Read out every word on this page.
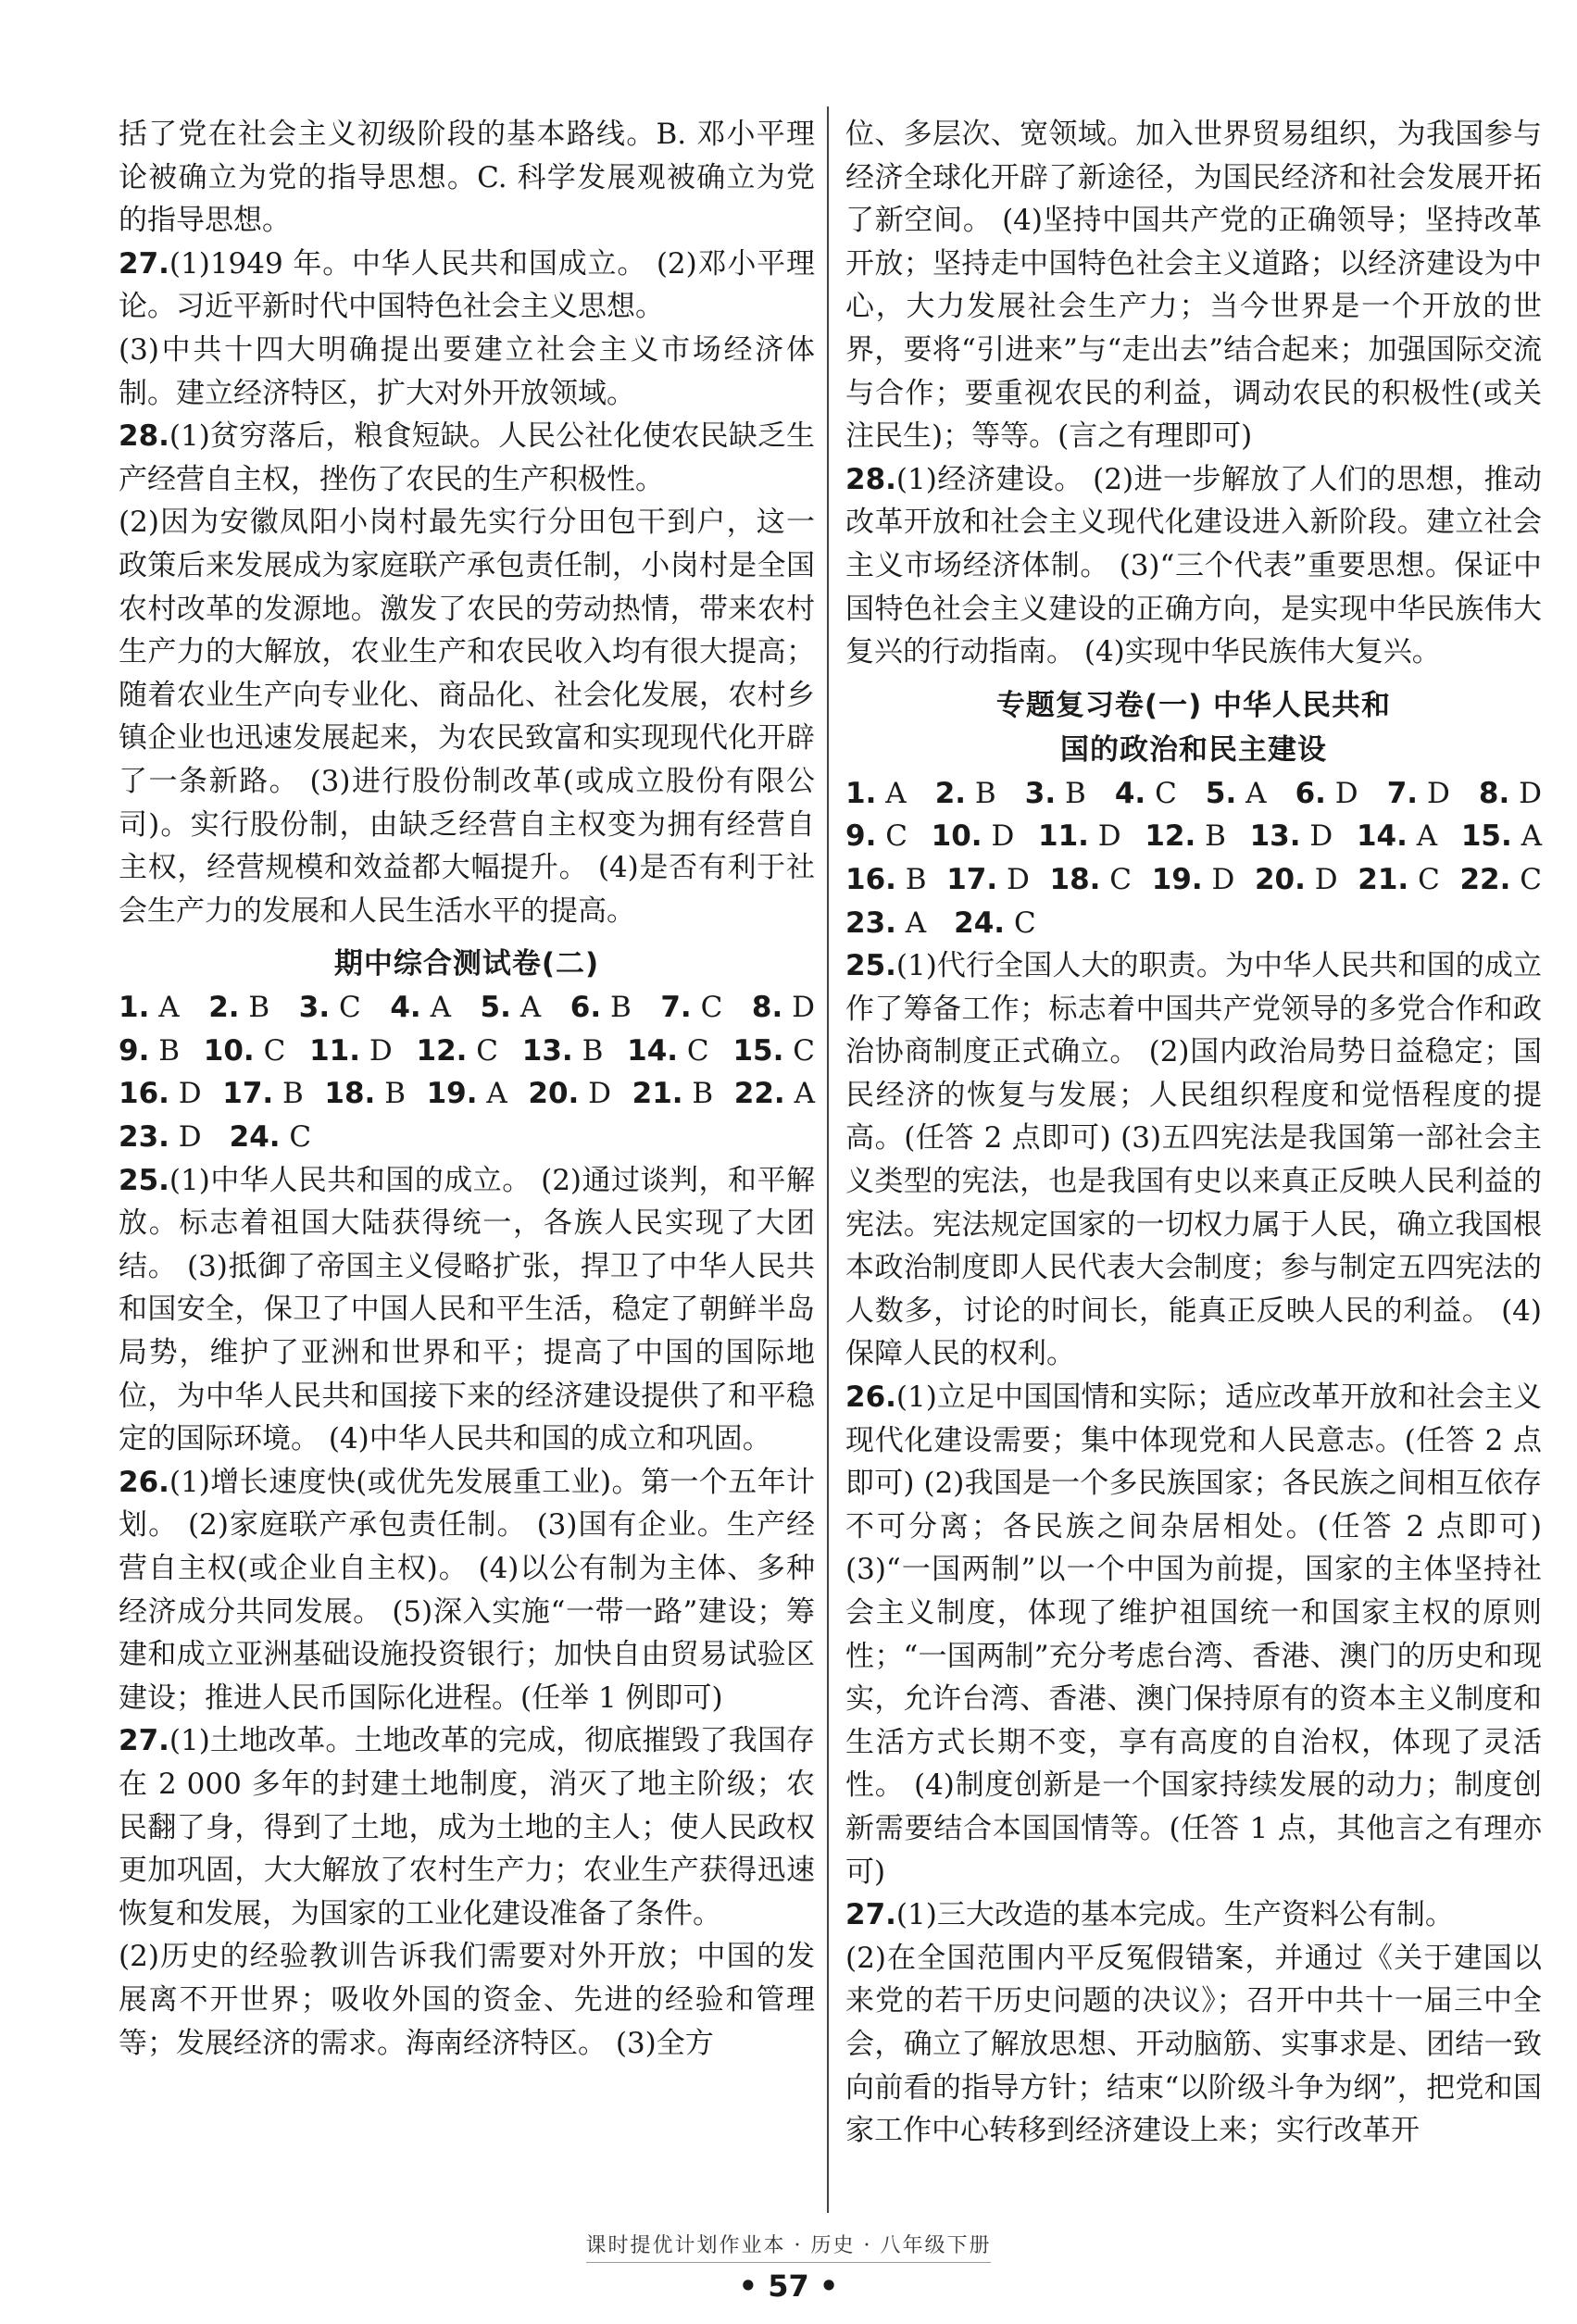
括了党在社会主义初级阶段的基本路线。B. 邓小平理论被确立为党的指导思想。C. 科学发展观被确立为党的指导思想。

27.(1)1949 年。中华人民共和国成立。 (2)邓小平理论。习近平新时代中国特色社会主义思想。

(3)中共十四大明确提出要建立社会主义市场经济体制。建立经济特区，扩大对外开放领域。

28.(1)贫穷落后，粮食短缺。人民公社化使农民缺乏生产经营自主权，挫伤了农民的生产积极性。

(2)因为安徽凤阳小岗村最先实行分田包干到户，这一政策后来发展成为家庭联产承包责任制，小岗村是全国农村改革的发源地。激发了农民的劳动热情，带来农村生产力的大解放，农业生产和农民收入均有很大提高；随着农业生产向专业化、商品化、社会化发展，农村乡镇企业也迅速发展起来，为农民致富和实现现代化开辟了一条新路。 (3)进行股份制改革(或成立股份有限公司)。实行股份制，由缺乏经营自主权变为拥有经营自主权，经营规模和效益都大幅提升。 (4)是否有利于社会生产力的发展和人民生活水平的提高。

期中综合测试卷(二)

1. A 2. B 3. C 4. A 5. A 6. B 7. C 8. D
9. B 10. C 11. D 12. C 13. B 14. C 15. C
16. D 17. B 18. B 19. A 20. D 21. B 22. A
23. D 24. C

25.(1)中华人民共和国的成立。 (2)通过谈判，和平解放。标志着祖国大陆获得统一，各族人民实现了大团结。 (3)抵御了帝国主义侵略扩张，捍卫了中华人民共和国安全，保卫了中国人民和平生活，稳定了朝鲜半岛局势，维护了亚洲和世界和平；提高了中国的国际地位，为中华人民共和国接下来的经济建设提供了和平稳定的国际环境。 (4)中华人民共和国的成立和巩固。

26.(1)增长速度快(或优先发展重工业)。第一个五年计划。 (2)家庭联产承包责任制。 (3)国有企业。生产经营自主权(或企业自主权)。 (4)以公有制为主体、多种经济成分共同发展。 (5)深入实施“一带一路”建设；筹建和成立亚洲基础设施投资银行；加快自由贸易试验区建设；推进人民币国际化进程。(任举 1 例即可)

27.(1)土地改革。土地改革的完成，彻底摧毁了我国存在 2 000 多年的封建土地制度，消灭了地主阶级；农民翻了身，得到了土地，成为土地的主人；使人民政权更加巩固，大大解放了农村生产力；农业生产获得迅速恢复和发展，为国家的工业化建设准备了条件。

(2)历史的经验教训告诉我们需要对外开放；中国的发展离不开世界；吸收外国的资金、先进的经验和管理等；发展经济的需求。海南经济特区。 (3)全方

位、多层次、宽领域。加入世界贸易组织，为我国参与经济全球化开辟了新途径，为国民经济和社会发展开拓了新空间。 (4)坚持中国共产党的正确领导；坚持改革开放；坚持走中国特色社会主义道路；以经济建设为中心，大力发展社会生产力；当今世界是一个开放的世界，要将“引进来”与“走出去”结合起来；加强国际交流与合作；要重视农民的利益，调动农民的积极性(或关注民生)；等等。(言之有理即可)

28.(1)经济建设。 (2)进一步解放了人们的思想，推动改革开放和社会主义现代化建设进入新阶段。建立社会主义市场经济体制。 (3)“三个代表”重要思想。保证中国特色社会主义建设的正确方向，是实现中华民族伟大复兴的行动指南。 (4)实现中华民族伟大复兴。

专题复习卷(一) 中华人民共和

国的政治和民主建设

1. A 2. B 3. B 4. C 5. A 6. D 7. D 8. D
9. C 10. D 11. D 12. B 13. D 14. A 15. A
16. B 17. D 18. C 19. D 20. D 21. C 22. C
23. A 24. C

25.(1)代行全国人大的职责。为中华人民共和国的成立作了筹备工作；标志着中国共产党领导的多党合作和政治协商制度正式确立。 (2)国内政治局势日益稳定；国民经济的恢复与发展；人民组织程度和觉悟程度的提高。(任答 2 点即可) (3)五四宪法是我国第一部社会主义类型的宪法，也是我国有史以来真正反映人民利益的宪法。宪法规定国家的一切权力属于人民，确立我国根本政治制度即人民代表大会制度；参与制定五四宪法的人数多，讨论的时间长，能真正反映人民的利益。 (4)保障人民的权利。

26.(1)立足中国国情和实际；适应改革开放和社会主义现代化建设需要；集中体现党和人民意志。(任答 2 点即可) (2)我国是一个多民族国家；各民族之间相互依存不可分离；各民族之间杂居相处。(任答 2 点即可) (3)“一国两制”以一个中国为前提，国家的主体坚持社会主义制度，体现了维护祖国统一和国家主权的原则性；“一国两制”充分考虑台湾、香港、澳门的历史和现实，允许台湾、香港、澳门保持原有的资本主义制度和生活方式长期不变，享有高度的自治权，体现了灵活性。 (4)制度创新是一个国家持续发展的动力；制度创新需要结合本国国情等。(任答 1 点，其他言之有理亦可)

27.(1)三大改造的基本完成。生产资料公有制。

(2)在全国范围内平反冤假错案，并通过《关于建国以来党的若干历史问题的决议》；召开中共十一届三中全会，确立了解放思想、开动脑筋、实事求是、团结一致向前看的指导方针；结束“以阶级斗争为纲”，把党和国家工作中心转移到经济建设上来；实行改革开

课时提优计划作业本 · 历史 · 八年级下册
• 57 •
